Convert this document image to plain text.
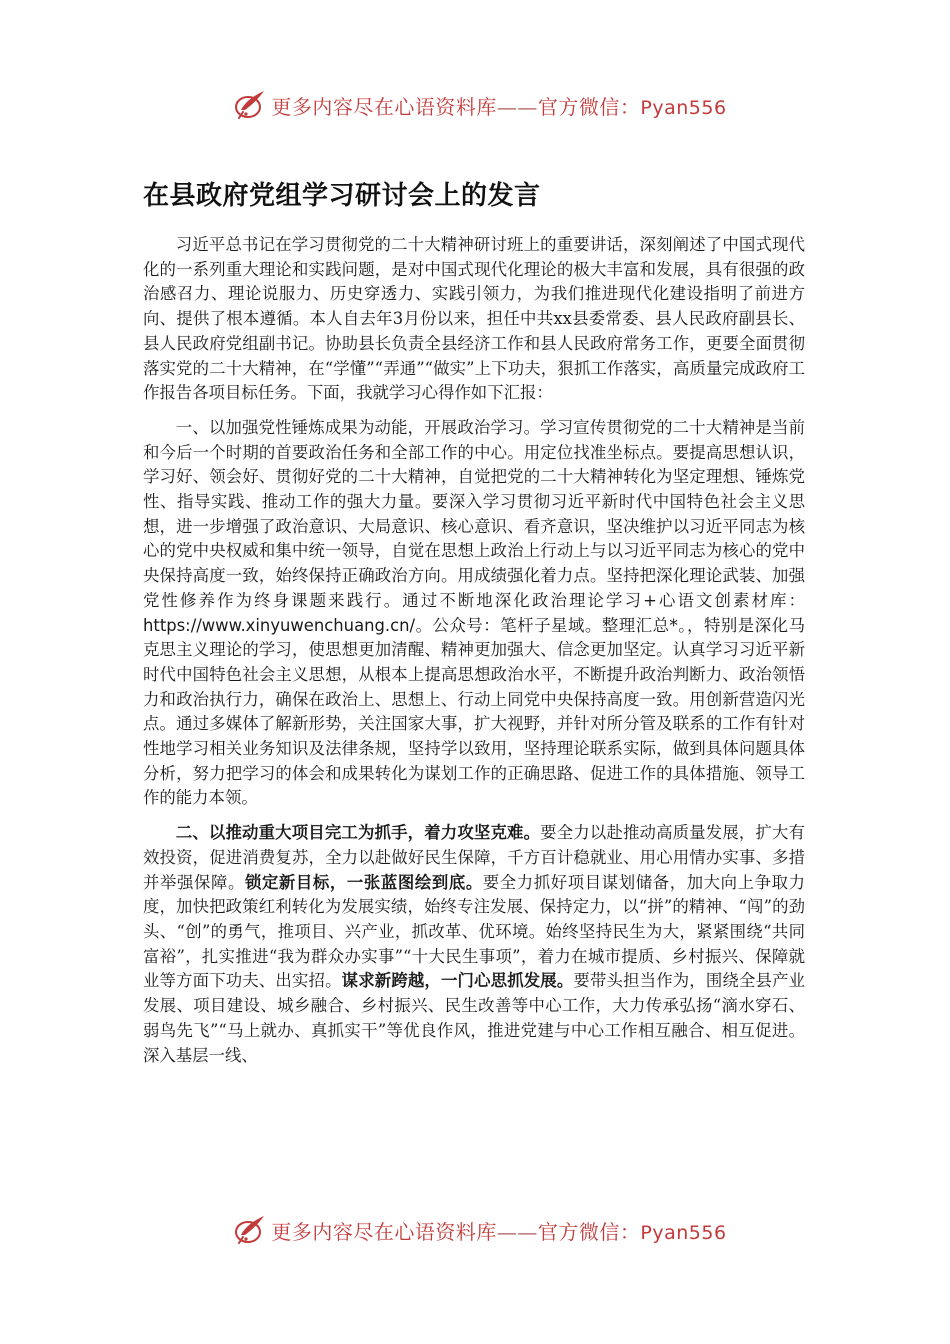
更多内容尽在心语资料库——官方微信：Pyan556
在县政府党组学习研讨会上的发言

习近平总书记在学习贯彻党的二十大精神研讨班上的重要讲话，深刻阐述了中国式现代化的一系列重大理论和实践问题，是对中国式现代化理论的极大丰富和发展，具有很强的政治感召力、理论说服力、历史穿透力、实践引领力，为我们推进现代化建设指明了前进方向、提供了根本遵循。本人自去年3月份以来，担任中共xx县委常委、县人民政府副县长、县人民政府党组副书记。协助县长负责全县经济工作和县人民政府常务工作，更要全面贯彻落实党的二十大精神，在“学懂”“弄通”“做实”上下功夫，狠抓工作落实，高质量完成政府工作报告各项目标任务。下面，我就学习心得作如下汇报：

一、以加强党性锤炼成果为动能，开展政治学习。学习宣传贯彻党的二十大精神是当前和今后一个时期的首要政治任务和全部工作的中心。用定位找准坐标点。要提高思想认识，学习好、领会好、贯彻好党的二十大精神，自觉把党的二十大精神转化为坚定理想、锤炼党性、指导实践、推动工作的强大力量。要深入学习贯彻习近平新时代中国特色社会主义思想，进一步增强了政治意识、大局意识、核心意识、看齐意识，坚决维护以习近平同志为核心的党中央权威和集中统一领导，自觉在思想上政治上行动上与以习近平同志为核心的党中央保持高度一致，始终保持正确政治方向。用成绩强化着力点。坚持把深化理论武装、加强党性修养作为终身课题来践行。通过不断地深化政治理论学习+心语文创素材库：https://www.xinyuwenchuang.cn/。公众号：笔杆子星域。整理汇总*。，特别是深化马克思主义理论的学习，使思想更加清醒、精神更加强大、信念更加坚定。认真学习习近平新时代中国特色社会主义思想，从根本上提高思想政治水平，不断提升政治判断力、政治领悟力和政治执行力，确保在政治上、思想上、行动上同党中央保持高度一致。用创新营造闪光点。通过多媒体了解新形势，关注国家大事，扩大视野，并针对所分管及联系的工作有针对性地学习相关业务知识及法律条规，坚持学以致用，坚持理论联系实际，做到具体问题具体分析，努力把学习的体会和成果转化为谋划工作的正确思路、促进工作的具体措施、领导工作的能力本领。

二、以推动重大项目完工为抓手，着力攻坚克难。要全力以赴推动高质量发展，扩大有效投资，促进消费复苏，全力以赴做好民生保障，千方百计稳就业、用心用情办实事、多措并举强保障。锁定新目标，一张蓝图绘到底。要全力抓好项目谋划储备，加大向上争取力度，加快把政策红利转化为发展实绩，始终专注发展、保持定力，以“拼”的精神、“闯”的劲头、“创”的勇气，推项目、兴产业，抓改革、优环境。始终坚持民生为大，紧紧围绕“共同富裕”，扎实推进“我为群众办实事”“十大民生事项”，着力在城市提质、乡村振兴、保障就业等方面下功夫、出实招。谋求新跨越，一门心思抓发展。要带头担当作为，围绕全县产业发展、项目建设、城乡融合、乡村振兴、民生改善等中心工作，大力传承弘扬“滴水穿石、弱鸟先飞”“马上就办、真抓实干”等优良作风，推进党建与中心工作相互融合、相互促进。深入基层一线、

更多内容尽在心语资料库——官方微信：Pyan556
